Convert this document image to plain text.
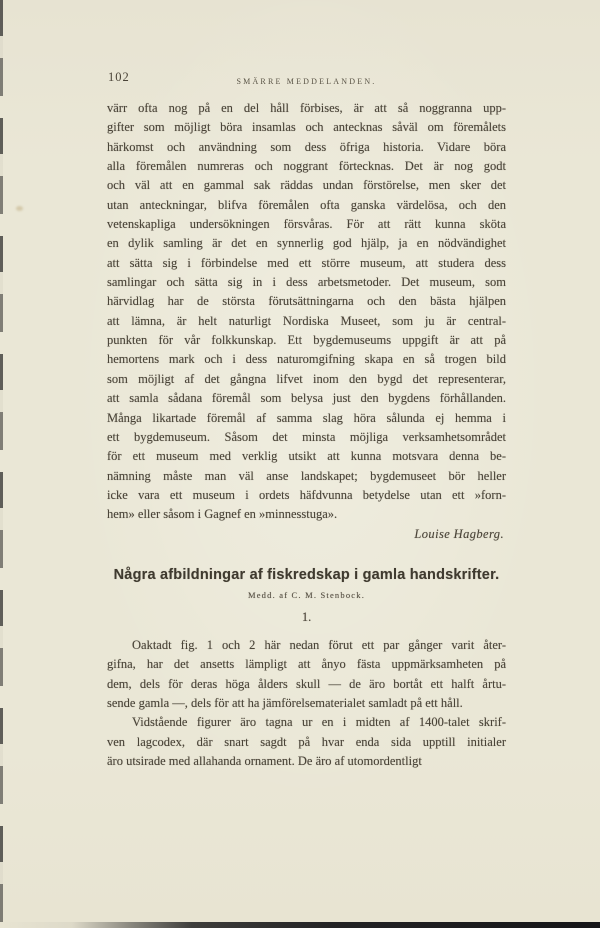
102	SMÄRRE MEDDELANDEN.
värr ofta nog på en del håll förbises, är att så noggranna upp-
gifter som möjligt böra insamlas och antecknas såväl om föremålets
härkomst och användning som dess öfriga historia. Vidare böra
alla föremålen numreras och noggrant förtecknas. Det är nog godt
och väl att en gammal sak räddas undan förstörelse, men sker det
utan anteckningar, blifva föremålen ofta ganska värdelösa, och den
vetenskapliga undersökningen försvåras. För att rätt kunna sköta
en dylik samling är det en synnerlig god hjälp, ja en nödvändighet
att sätta sig i förbindelse med ett större museum, att studera dess
samlingar och sätta sig in i dess arbetsmetoder. Det museum, som
härvidlag har de största förutsättningarna och den bästa hjälpen
att lämna, är helt naturligt Nordiska Museet, som ju är central-
punkten för vår folkkunskap. Ett bygdemuseums uppgift är att på
hemortens mark och i dess naturomgifning skapa en så trogen bild
som möjligt af det gångna lifvet inom den bygd det representerar,
att samla sådana föremål som belysa just den bygdens förhållanden.
Många likartade föremål af samma slag höra sålunda ej hemma i
ett bygdemuseum. Såsom det minsta möjliga verksamhetsområdet
för ett museum med verklig utsikt att kunna motsvara denna be-
nämning måste man väl anse landskapet; bygdemuseet bör heller
icke vara ett museum i ordets häfdvunna betydelse utan ett »forn-
hem» eller såsom i Gagnef en »minnesstuga».
Louise Hagberg.
Några afbildningar af fiskredskap i gamla handskrifter.
Medd. af C. M. Stenbock.
1.
Oaktadt fig. 1 och 2 här nedan förut ett par gånger varit åter-
gifna, har det ansetts lämpligt att ånyo fästa uppmärksamheten på
dem, dels för deras höga ålders skull — de äro bortåt ett halft årtu-
sende gamla —, dels för att ha jämförelsematerialet samladt på ett håll.
Vidstående figurer äro tagna ur en i midten af 1400-talet skrif-
ven lagcodex, där snart sagdt på hvar enda sida upptill initialer
äro utsirade med allahanda ornament. De äro af utomordentligt
